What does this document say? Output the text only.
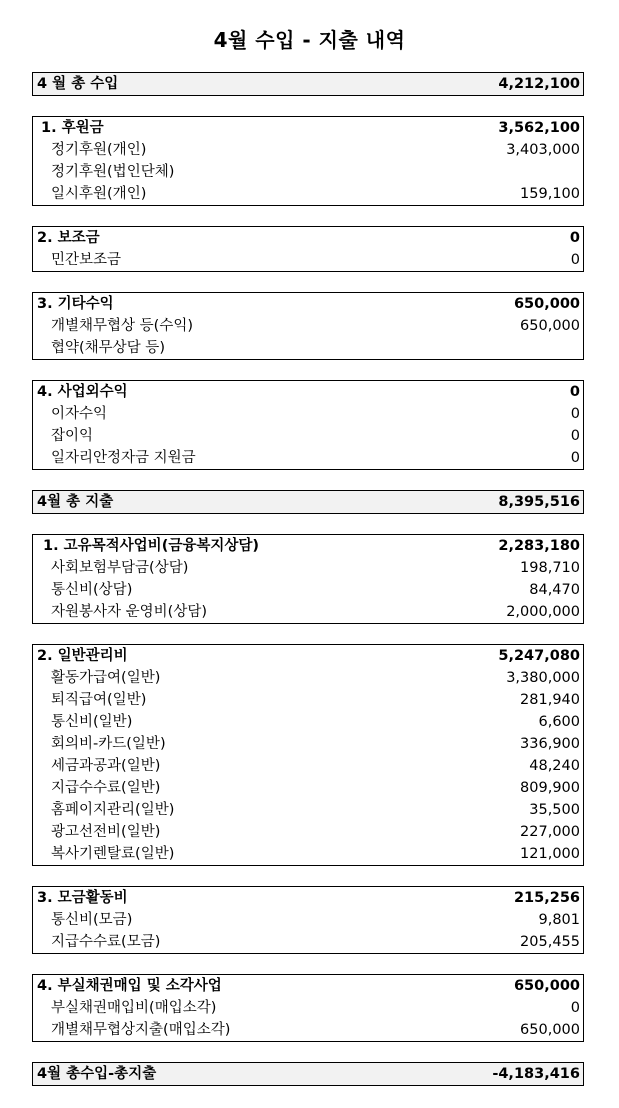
4월 수입 - 지출 내역
4 월 총 수입	4,212,100
1. 후원금	3,562,100
정기후원(개인)	3,403,000
정기후원(법인단체)
일시후원(개인)	159,100
2. 보조금	0
민간보조금	0
3. 기타수익	650,000
개별채무협상 등(수익)	650,000
협약(채무상담 등)
4. 사업외수익	0
이자수익	0
잡이익	0
일자리안정자금 지원금	0
4월 총 지출	8,395,516
1. 고유목적사업비(금융복지상담)	2,283,180
사회보험부담금(상담)	198,710
통신비(상담)	84,470
자원봉사자 운영비(상담)	2,000,000
2. 일반관리비	5,247,080
활동가급여(일반)	3,380,000
퇴직급여(일반)	281,940
통신비(일반)	6,600
회의비-카드(일반)	336,900
세금과공과(일반)	48,240
지급수수료(일반)	809,900
홈페이지관리(일반)	35,500
광고선전비(일반)	227,000
복사기렌탈료(일반)	121,000
3. 모금활동비	215,256
통신비(모금)	9,801
지급수수료(모금)	205,455
4. 부실채권매입 및 소각사업	650,000
부실채권매입비(매입소각)	0
개별채무협상지출(매입소각)	650,000
4월 총수입-총지출	-4,183,416
